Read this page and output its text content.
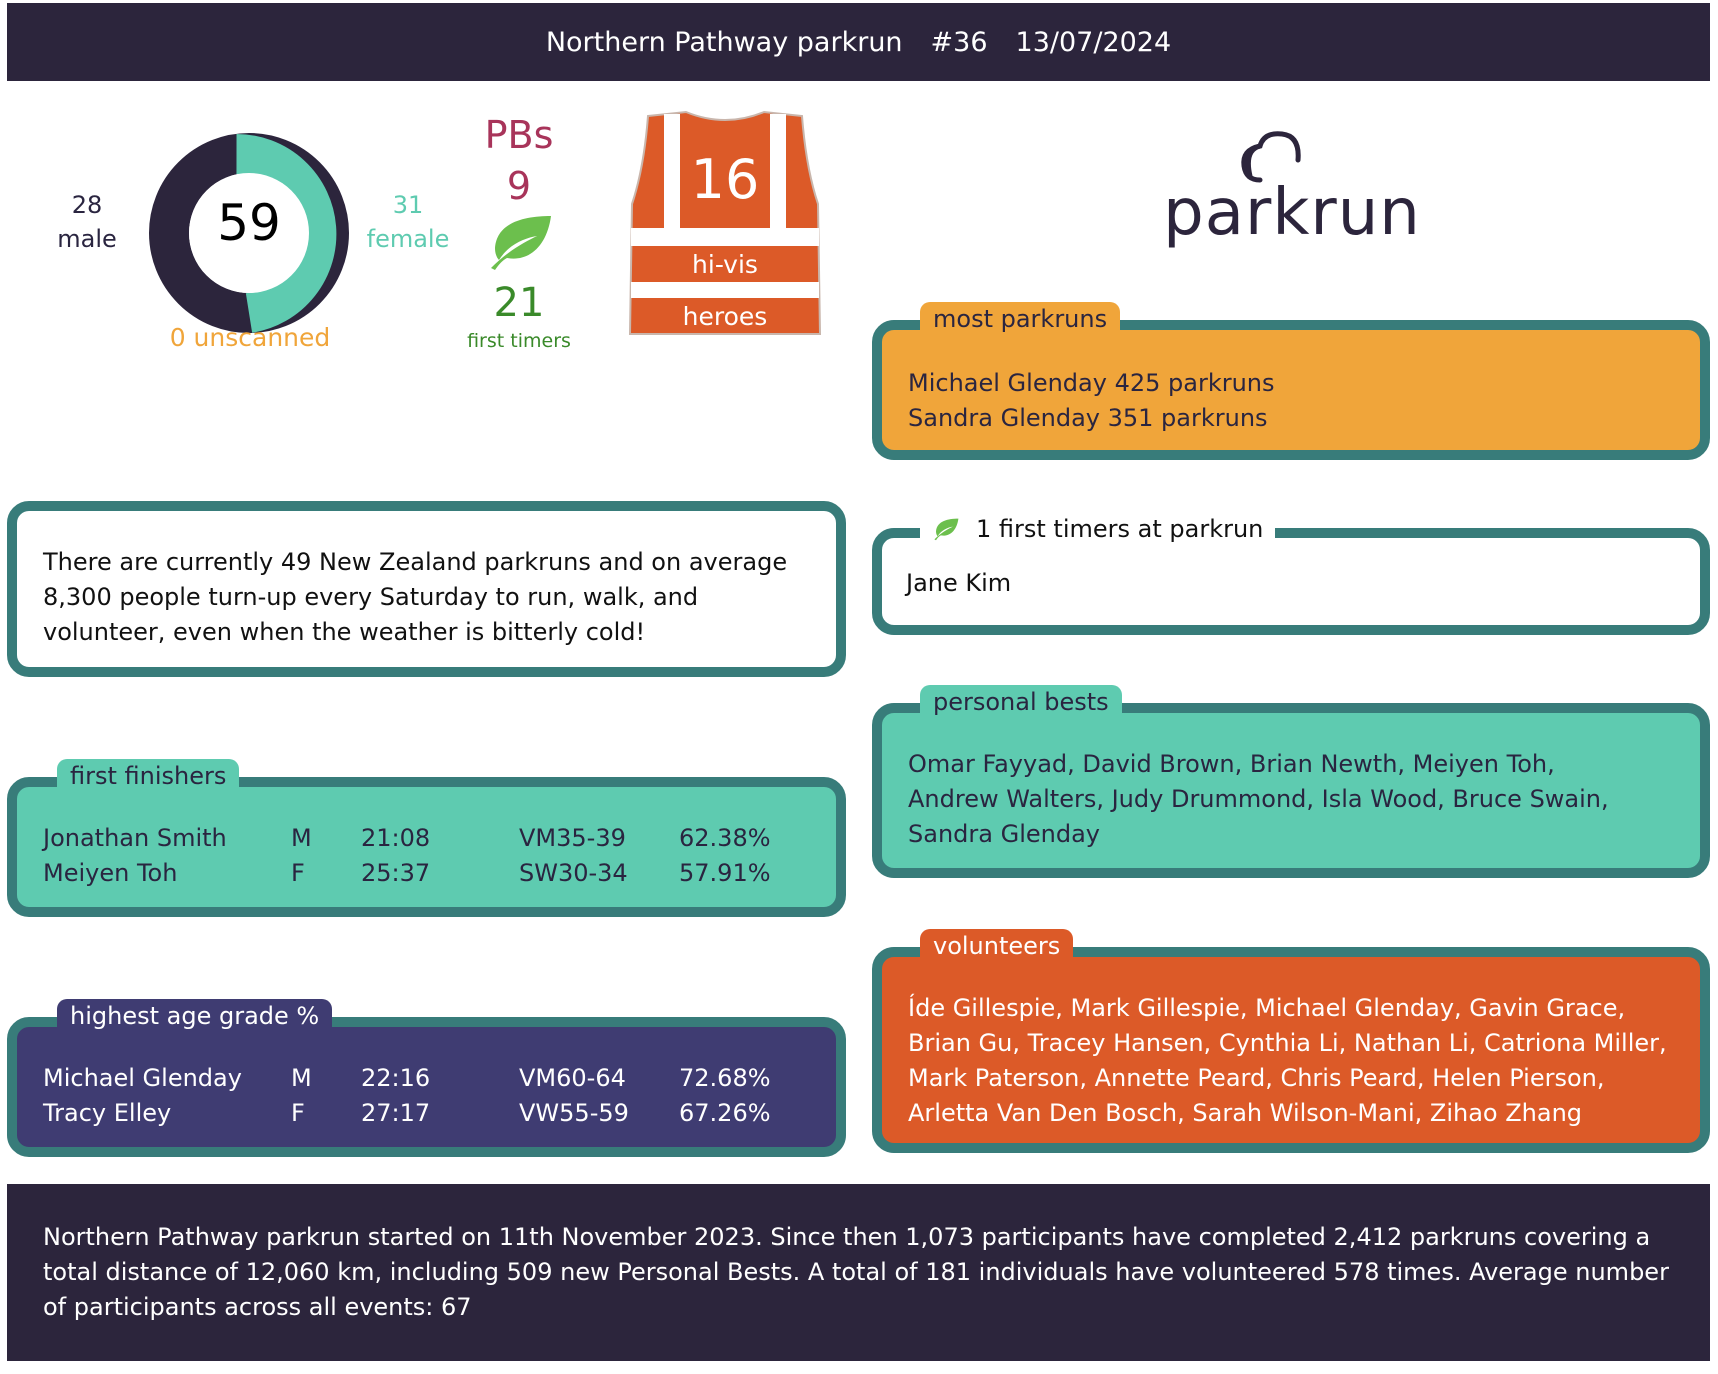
Northern Pathway parkrun #36 13/07/2024
28
male	59	31
female
0 unscanned
PBs
9
21
first timers
16
hi-vis
heroes
parkrun
Michael Glenday 425 parkruns
Sandra Glenday 351 parkruns
most parkruns
There are currently 49 New Zealand parkruns and on average 8,300 people turn-up every Saturday to run, walk, and volunteer, even when the weather is bitterly cold!
Jane Kim
1 first timers at parkrun
Jonathan Smith	M	21:08	VM35-39	62.38%
Meiyen Toh	F	25:37	SW30-34	57.91%
first finishers	Omar Fayyad, David Brown, Brian Newth, Meiyen Toh, Andrew Walters, Judy Drummond, Isla Wood, Bruce Swain, Sandra Glenday
personal bests
Michael Glenday	M	22:16	VM60-64	72.68%
Tracy Elley	F	27:17	VW55-59	67.26%
highest age grade %	Íde Gillespie, Mark Gillespie, Michael Glenday, Gavin Grace, Brian Gu, Tracey Hansen, Cynthia Li, Nathan Li, Catriona Miller, Mark Paterson, Annette Peard, Chris Peard, Helen Pierson, Arletta Van Den Bosch, Sarah Wilson-Mani, Zihao Zhang
volunteers
Northern Pathway parkrun started on 11th November 2023. Since then 1,073 participants have completed 2,412 parkruns covering a total distance of 12,060 km, including 509 new Personal Bests. A total of 181 individuals have volunteered 578 times. Average number of participants across all events: 67
